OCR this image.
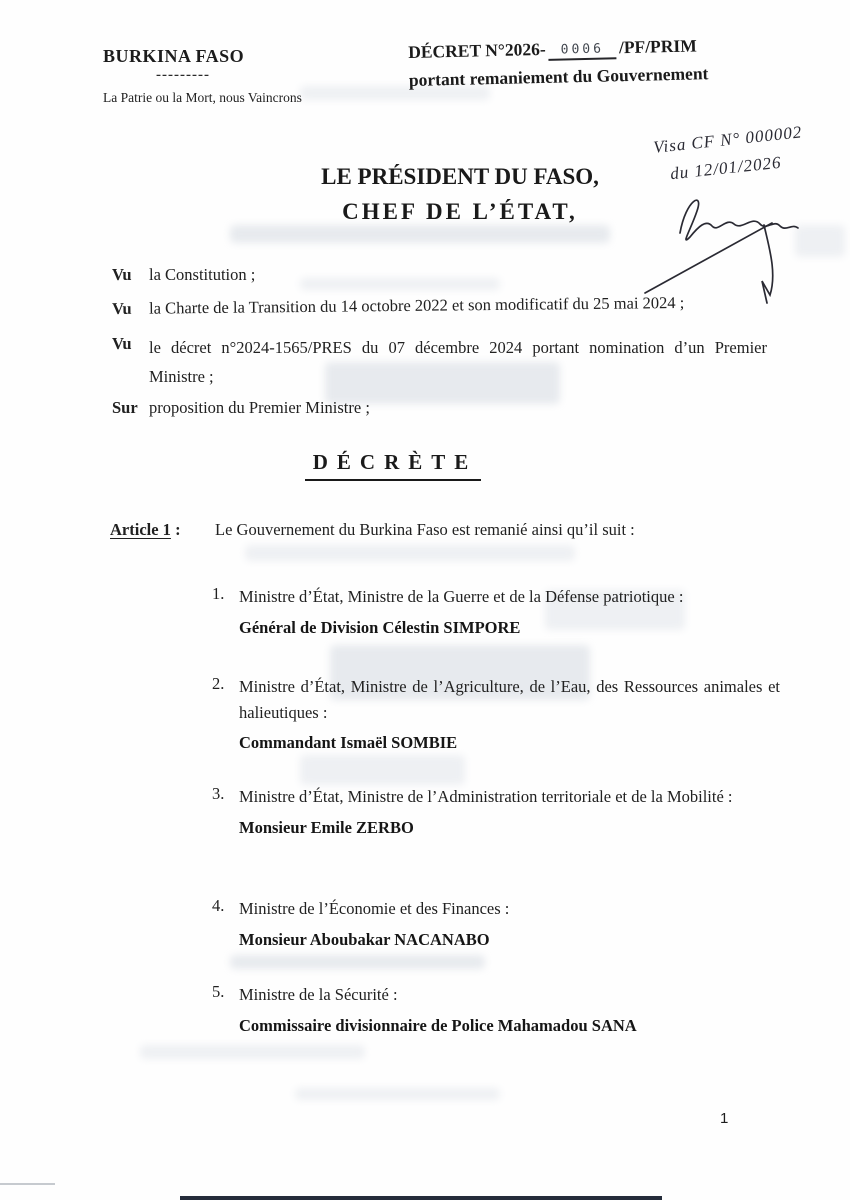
BURKINA FASO
---------
La Patrie ou la Mort, nous Vaincrons
DÉCRET N°2026- 0006 /PF/PRIM
portant remaniement du Gouvernement
Visa CF N° 000002
du 12/01/2026
LE PRÉSIDENT DU FASO,
CHEF DE L’ÉTAT,
Vu	la Constitution ;
Vu	la Charte de la Transition du 14 octobre 2022 et son modificatif du 25 mai 2024 ;
Vu	le décret n°2024-1565/PRES du 07 décembre 2024 portant nomination d’un Premier Ministre ;
Sur proposition du Premier Ministre ;
DÉCRÈTE
Article 1 :	Le Gouvernement du Burkina Faso est remanié ainsi qu’il suit :
1. Ministre d’État, Ministre de la Guerre et de la Défense patriotique :
Général de Division Célestin SIMPORE
2. Ministre d’État, Ministre de l’Agriculture, de l’Eau, des Ressources animales et halieutiques :
Commandant Ismaël SOMBIE
3. Ministre d’État, Ministre de l’Administration territoriale et de la Mobilité :
Monsieur Emile ZERBO
4. Ministre de l’Économie et des Finances :
Monsieur Aboubakar NACANABO
5. Ministre de la Sécurité :
Commissaire divisionnaire de Police Mahamadou SANA
1
